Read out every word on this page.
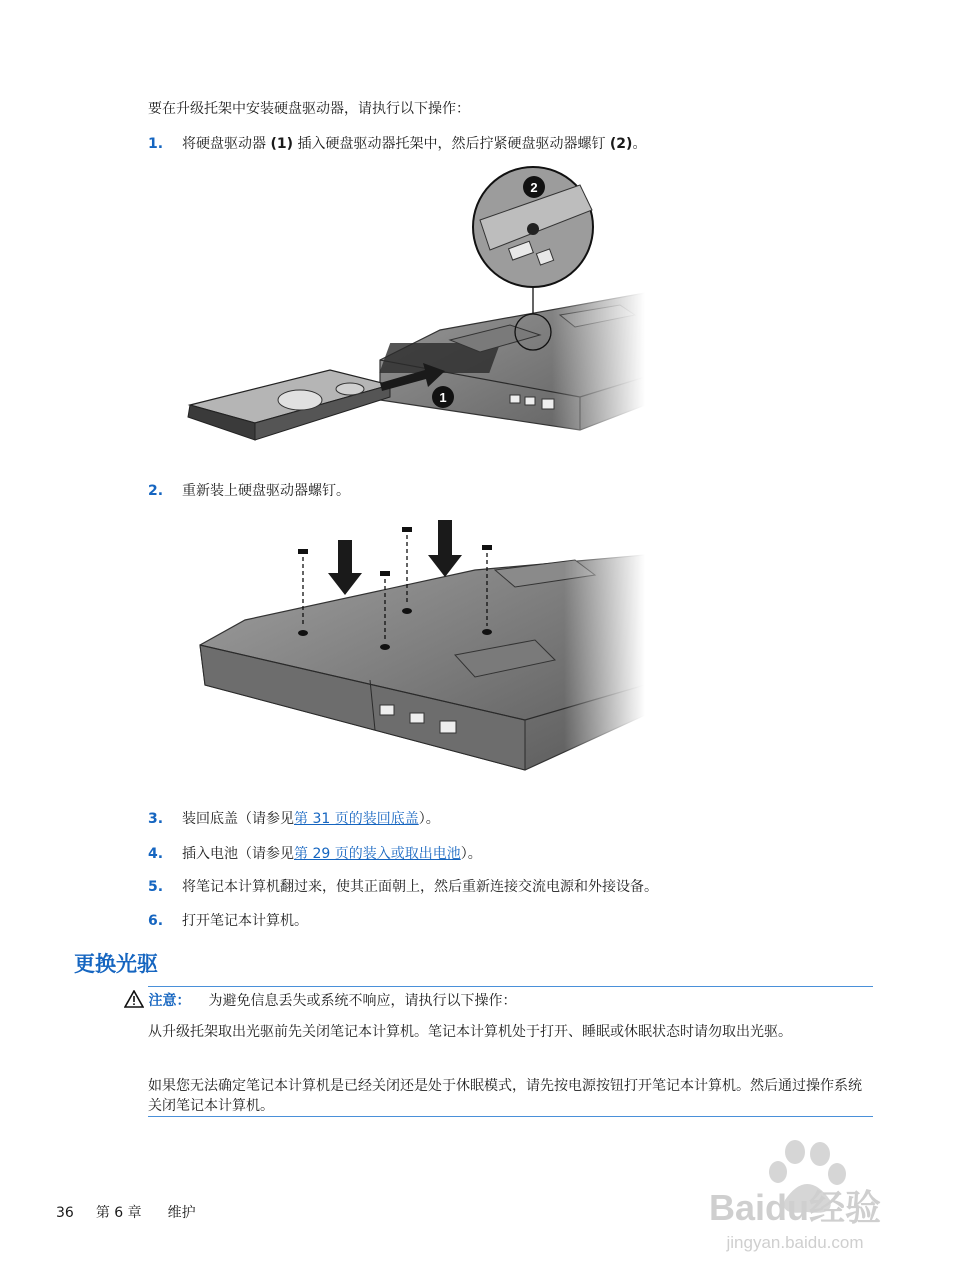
要在升级托架中安装硬盘驱动器，请执行以下操作：
1. 将硬盘驱动器 (1) 插入硬盘驱动器托架中，然后拧紧硬盘驱动器螺钉 (2)。
1
2
2. 重新装上硬盘驱动器螺钉。
3. 装回底盖（请参见第 31 页的装回底盖）。
4. 插入电池（请参见第 29 页的装入或取出电池）。
5. 将笔记本计算机翻过来，使其正面朝上，然后重新连接交流电源和外接设备。
6. 打开笔记本计算机。
更换光驱
注意： 为避免信息丢失或系统不响应，请执行以下操作：
从升级托架取出光驱前先关闭笔记本计算机。笔记本计算机处于打开、睡眠或休眠状态时请勿取出光驱。
如果您无法确定笔记本计算机是已经关闭还是处于休眠模式，请先按电源按钮打开笔记本计算机。然后通过操作系统关闭笔记本计算机。
Baidu经验
jingyan.baidu.com
36 第 6 章 维护
